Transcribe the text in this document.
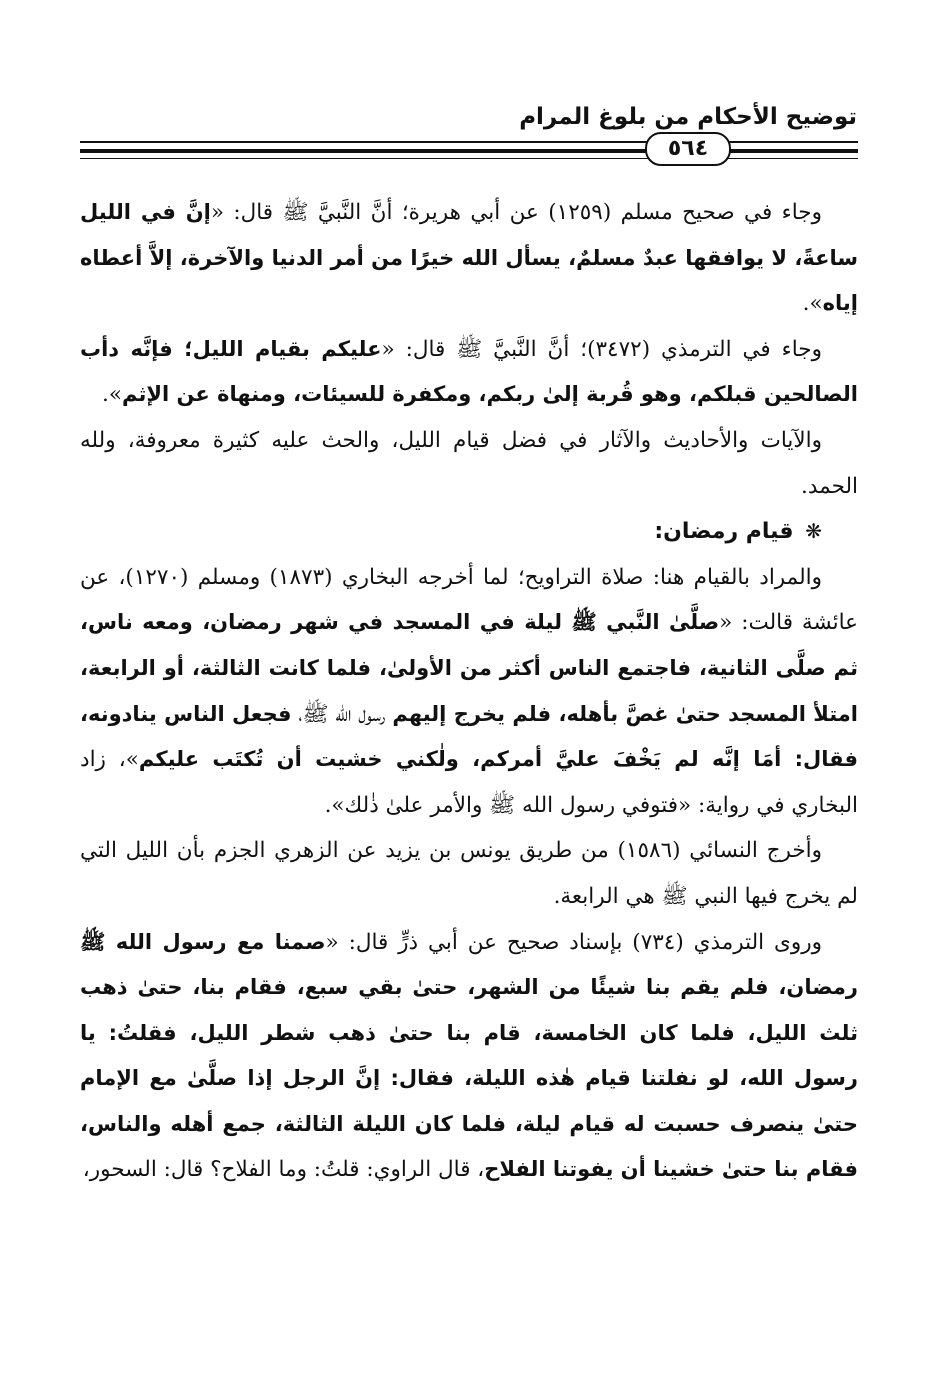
توضيح الأحكام من بلوغ المرام
٥٦٤

وجاء في صحيح مسلم (١٢٥٩) عن أبي هريرة؛ أنَّ النَّبيَّ ﷺ قال: «إنَّ في الليل ساعةً، لا يوافقها عبدٌ مسلمٌ، يسأل الله خيرًا من أمر الدنيا والآخرة، إلاَّ أعطاه إياه».

وجاء في الترمذي (٣٤٧٢)؛ أنَّ النَّبيَّ ﷺ قال: «عليكم بقيام الليل؛ فإنَّه دأب الصالحين قبلكم، وهو قُربة إلىٰ ربكم، ومكفرة للسيئات، ومنهاة عن الإثم».

والآيات والأحاديث والآثار في فضل قيام الليل، والحث عليه كثيرة معروفة، ولله الحمد.

❋ قيام رمضان:

والمراد بالقيام هنا: صلاة التراويح؛ لما أخرجه البخاري (١٨٧٣) ومسلم (١٢٧٠)، عن عائشة قالت: «صلَّىٰ النَّبي ﷺ ليلة في المسجد في شهر رمضان، ومعه ناس، ثم صلَّى الثانية، فاجتمع الناس أكثر من الأولىٰ، فلما كانت الثالثة، أو الرابعة، امتلأ المسجد حتىٰ غصَّ بأهله، فلم يخرج إليهم رسول الله ﷺ، فجعل الناس ينادونه، فقال: أمَا إنَّه لم يَخْفَ عليَّ أمركم، ولٰكني خشيت أن تُكتَب عليكم»، زاد البخاري في رواية: «فتوفي رسول الله ﷺ والأمر علىٰ ذٰلك».

وأخرج النسائي (١٥٨٦) من طريق يونس بن يزيد عن الزهري الجزم بأن الليل التي لم يخرج فيها النبي ﷺ هي الرابعة.

وروى الترمذي (٧٣٤) بإسناد صحيح عن أبي ذرٍّ قال: «صمنا مع رسول الله ﷺ رمضان، فلم يقم بنا شيئًا من الشهر، حتىٰ بقي سبع، فقام بنا، حتىٰ ذهب ثلث الليل، فلما كان الخامسة، قام بنا حتىٰ ذهب شطر الليل، فقلتُ: يا رسول الله، لو نفلتنا قيام هٰذه الليلة، فقال: إنَّ الرجل إذا صلَّىٰ مع الإمام حتىٰ ينصرف حسبت له قيام ليلة، فلما كان الليلة الثالثة، جمع أهله والناس، فقام بنا حتىٰ خشينا أن يفوتنا الفلاح، قال الراوي: قلتُ: وما الفلاح؟ قال: السحور،
